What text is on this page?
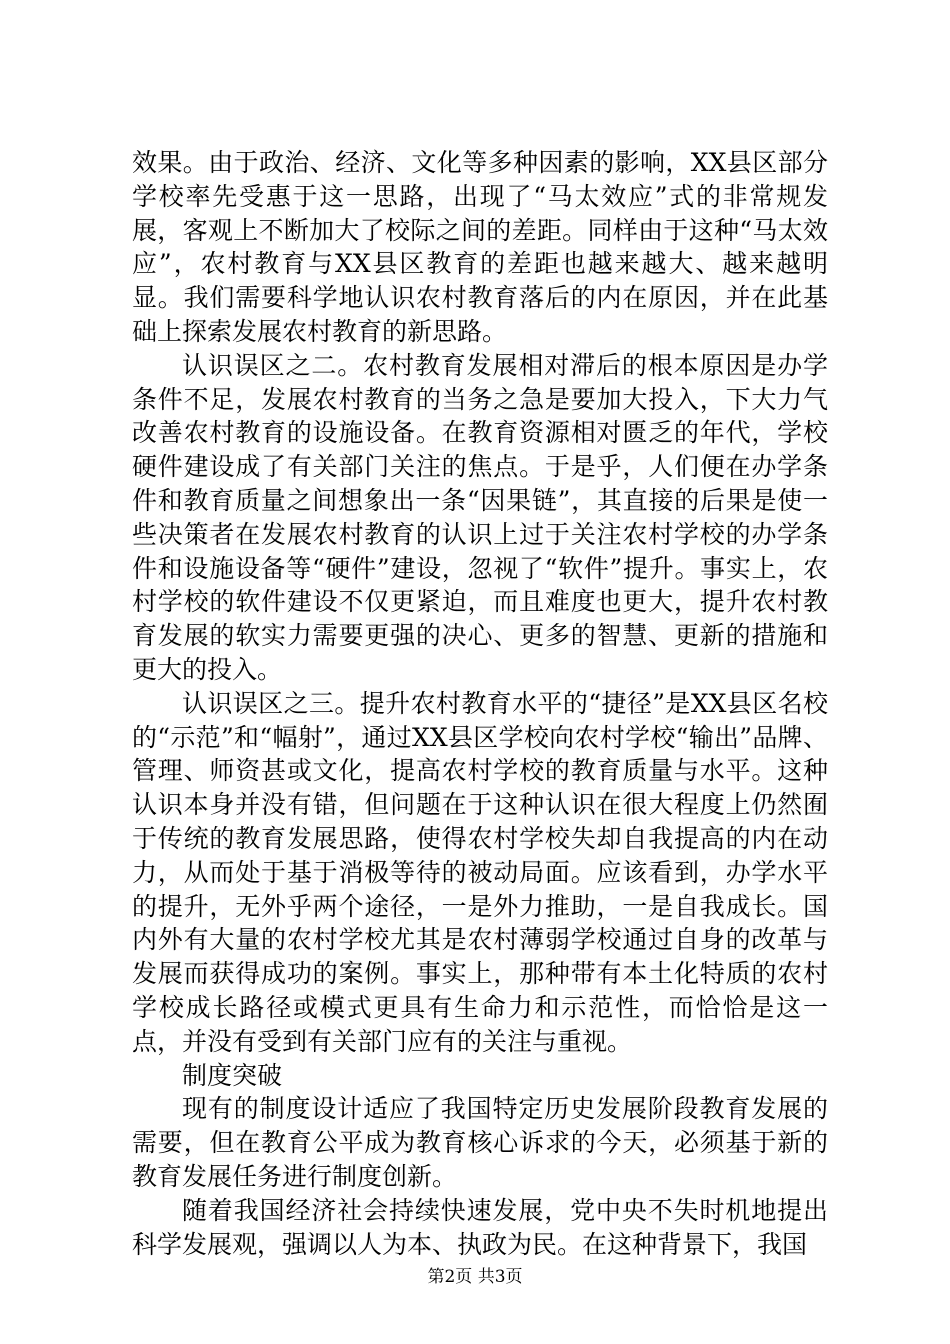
效果。由于政治、经济、文化等多种因素的影响，XX县区部分学校率先受惠于这一思路，出现了“马太效应”式的非常规发展，客观上不断加大了校际之间的差距。同样由于这种“马太效应”，农村教育与XX县区教育的差距也越来越大、越来越明显。我们需要科学地认识农村教育落后的内在原因，并在此基础上探索发展农村教育的新思路。

认识误区之二。农村教育发展相对滞后的根本原因是办学条件不足，发展农村教育的当务之急是要加大投入，下大力气改善农村教育的设施设备。在教育资源相对匮乏的年代，学校硬件建设成了有关部门关注的焦点。于是乎，人们便在办学条件和教育质量之间想象出一条“因果链”，其直接的后果是使一些决策者在发展农村教育的认识上过于关注农村学校的办学条件和设施设备等“硬件”建设，忽视了“软件”提升。事实上，农村学校的软件建设不仅更紧迫，而且难度也更大，提升农村教育发展的软实力需要更强的决心、更多的智慧、更新的措施和更大的投入。

认识误区之三。提升农村教育水平的“捷径”是XX县区名校的“示范”和“幅射”，通过XX县区学校向农村学校“输出”品牌、管理、师资甚或文化，提高农村学校的教育质量与水平。这种认识本身并没有错，但问题在于这种认识在很大程度上仍然囿于传统的教育发展思路，使得农村学校失却自我提高的内在动力，从而处于基于消极等待的被动局面。应该看到，办学水平的提升，无外乎两个途径，一是外力推助，一是自我成长。国内外有大量的农村学校尤其是农村薄弱学校通过自身的改革与发展而获得成功的案例。事实上，那种带有本土化特质的农村学校成长路径或模式更具有生命力和示范性，而恰恰是这一点，并没有受到有关部门应有的关注与重视。

制度突破

现有的制度设计适应了我国特定历史发展阶段教育发展的需要，但在教育公平成为教育核心诉求的今天，必须基于新的教育发展任务进行制度创新。

随着我国经济社会持续快速发展，党中央不失时机地提出科学发展观，强调以人为本、执政为民。在这种背景下，我国

第2页 共3页
